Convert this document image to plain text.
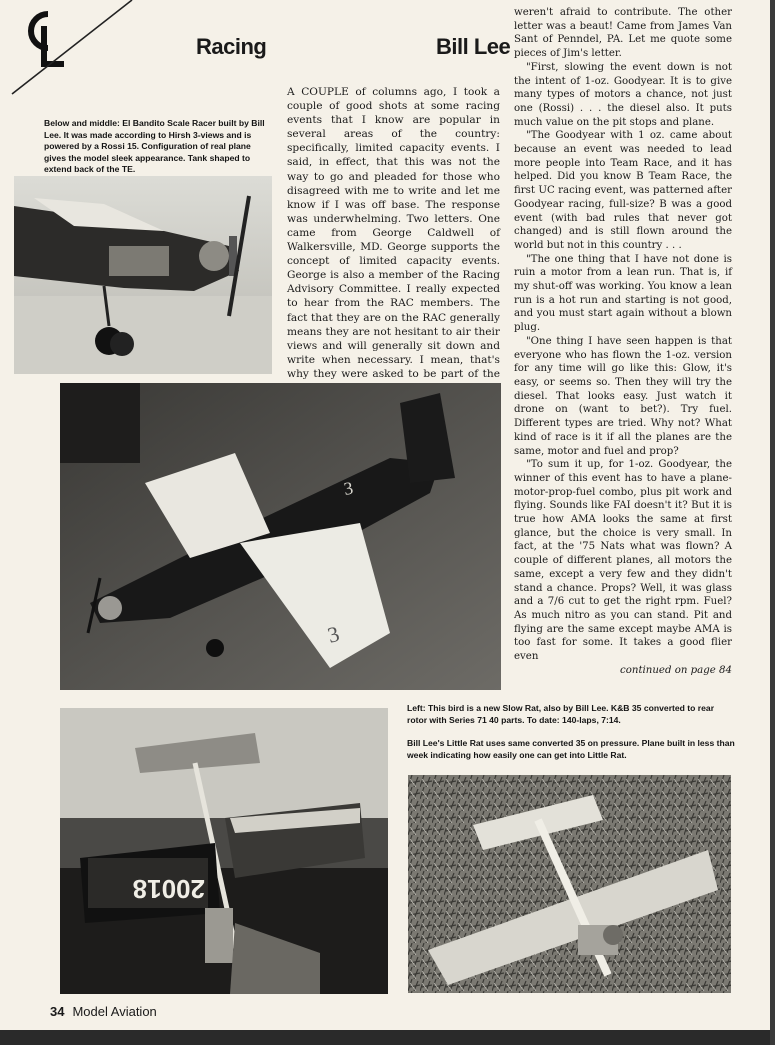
Racing	Bill Lee
Below and middle: El Bandito Scale Racer built by Bill Lee. It was made according to Hirsh 3-views and is powered by a Rossi 15. Configuration of real plane gives the model sleek appearance. Tank shaped to extend back of the TE.

A COUPLE of columns ago, I took a couple of good shots at some racing events that I know are popular in several areas of the country: specifically, limited capacity events. I said, in effect, that this was not the way to go and pleaded for those who disagreed with me to write and let me know if I was off base. The response was underwhelming. Two letters. One came from George Caldwell of Walkersville, MD. George supports the concept of limited capacity events. George is also a member of the Racing Advisory Committee. I really expected to hear from the RAC members. The fact that they are on the RAC generally means they are not hesitant to air their views and will generally sit down and write when necessary. I mean, that's why they were asked to be part of the

weren't afraid to contribute. The other letter was a beaut! Came from James Van Sant of Penndel, PA. Let me quote some pieces of Jim's letter.

"First, slowing the event down is not the intent of 1-oz. Goodyear. It is to give many types of motors a chance, not just one (Rossi) . . . the diesel also. It puts much value on the pit stops and plane.

"The Goodyear with 1 oz. came about because an event was needed to lead more people into Team Race, and it has helped. Did you know B Team Race, the first UC racing event, was patterned after Goodyear racing, full-size? B was a good event (with bad rules that never got changed) and is still flown around the world but not in this country . . .

"The one thing that I have not done is ruin a motor from a lean run. That is, if my shut-off was working. You know a lean run is a hot run and starting is not good, and you must start again without a blown plug.

"One thing I have seen happen is that everyone who has flown the 1-oz. version for any time will go like this: Glow, it's easy, or seems so. Then they will try the diesel. That looks easy. Just watch it drone on (want to bet?). Try fuel. Different types are tried. Why not? What kind of race is it if all the planes are the same, motor and fuel and prop?

"To sum it up, for 1-oz. Goodyear, the winner of this event has to have a plane-motor-prop-fuel combo, plus pit work and flying. Sounds like FAI doesn't it? But it is true how AMA looks the same at first glance, but the choice is very small. In fact, at the '75 Nats what was flown? A couple of different planes, all motors the same, except a very few and they didn't stand a chance. Props? Well, it was glass and a 7/6 cut to get the right rpm. Fuel? As much nitro as you can stand. Pit and flying are the same except maybe AMA is too fast for some. It takes a good flier even

continued on page 84

3
3
Left: This bird is a new Slow Rat, also by Bill Lee. K&B 35 converted to rear rotor with Series 71 40 parts. To date: 140-laps, 7:14.
Bill Lee's Little Rat uses same converted 35 on pressure. Plane built in less than week indicating how easily one can get into Little Rat.
20018
34 Model Aviation
